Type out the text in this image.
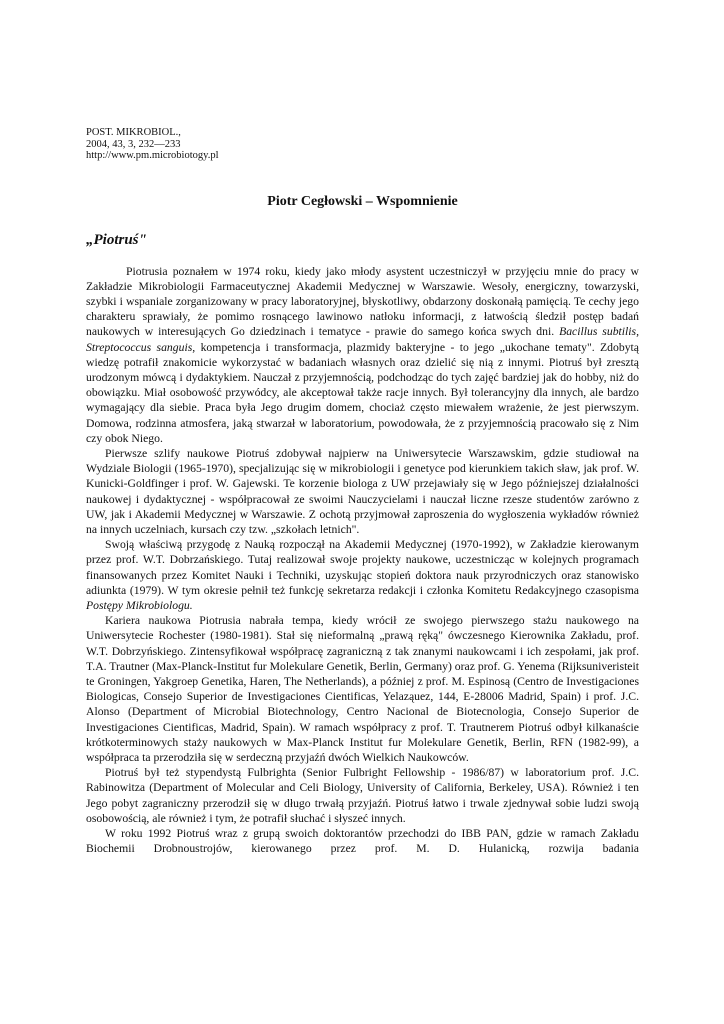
POST. MIKROBIOL.,
2004, 43, 3, 232—233
http://www.pm.microbiotogy.pl
Piotr Cegłowski – Wspomnienie
„Piotruś"

Piotrusia poznałem w 1974 roku, kiedy jako młody asystent uczestniczył w przyjęciu mnie do pracy w Zakładzie Mikrobiologii Farmaceutycznej Akademii Medycznej w Warszawie. Wesoły, energiczny, towarzyski, szybki i wspaniale zorganizowany w pracy laboratoryjnej, błyskotliwy, obdarzony doskonałą pamięcią. Te cechy jego charakteru sprawiały, że pomimo rosnącego lawinowo natłoku informacji, z łatwością śledził postęp badań naukowych w interesujących Go dziedzinach i tematyce - prawie do samego końca swych dni. Bacillus subtilis, Streptococcus sanguis, kompetencja i transformacja, plazmidy bakteryjne - to jego „ukochane tematy". Zdobytą wiedzę potrafił znakomicie wykorzystać w badaniach własnych oraz dzielić się nią z innymi. Piotruś był zresztą urodzonym mówcą i dydaktykiem. Nauczał z przyjemnością, podchodząc do tych zajęć bardziej jak do hobby, niż do obowiązku. Miał osobowość przywódcy, ale akceptował także racje innych. Był tolerancyjny dla innych, ale bardzo wymagający dla siebie. Praca była Jego drugim domem, chociaż często miewałem wrażenie, że jest pierwszym. Domowa, rodzinna atmosfera, jaką stwarzał w laboratorium, powodowała, że z przyjemnością pracowało się z Nim czy obok Niego.

Pierwsze szlify naukowe Piotruś zdobywał najpierw na Uniwersytecie Warszawskim, gdzie studiował na Wydziale Biologii (1965-1970), specjalizując się w mikrobiologii i genetyce pod kierunkiem takich sław, jak prof. W. Kunicki-Goldfinger i prof. W. Gajewski. Te korzenie biologa z UW przejawiały się w Jego późniejszej działalności naukowej i dydaktycznej - współpracował ze swoimi Nauczycielami i nauczał liczne rzesze studentów zarówno z UW, jak i Akademii Medycznej w Warszawie. Z ochotą przyjmował zaproszenia do wygłoszenia wykładów również na innych uczelniach, kursach czy tzw. „szkołach letnich".

Swoją właściwą przygodę z Nauką rozpoczął na Akademii Medycznej (1970-1992), w Zakładzie kierowanym przez prof. W.T. Dobrzańskiego. Tutaj realizował swoje projekty naukowe, uczestnicząc w kolejnych programach finansowanych przez Komitet Nauki i Techniki, uzyskując stopień doktora nauk przyrodniczych oraz stanowisko adiunkta (1979). W tym okresie pełnił też funkcję sekretarza redakcji i członka Komitetu Redakcyjnego czasopisma Postępy Mikrobiologu.

Kariera naukowa Piotrusia nabrała tempa, kiedy wrócił ze swojego pierwszego stażu naukowego na Uniwersytecie Rochester (1980-1981). Stał się nieformalną „prawą ręką" ówczesnego Kierownika Zakładu, prof. W.T. Dobrzyńskiego. Zintensyfikował współpracę zagraniczną z tak znanymi naukowcami i ich zespołami, jak prof. T.A. Trautner (Max-Planck-Institut fur Molekulare Genetik, Berlin, Germany) oraz prof. G. Yenema (Rijksuniveristeit te Groningen, Yakgroep Genetika, Haren, The Netherlands), a później z prof. M. Espinosą (Centro de Investigaciones Biologicas, Consejo Superior de Investigaciones Cientificas, Yelaząuez, 144, E-28006 Madrid, Spain) i prof. J.C. Alonso (Department of Microbial Biotechnology, Centro Nacional de Biotecnologia, Consejo Superior de Investigaciones Cientificas, Madrid, Spain). W ramach współpracy z prof. T. Trautnerem Piotruś odbył kilkanaście krótkoterminowych staży naukowych w Max-Planck Institut fur Molekulare Genetik, Berlin, RFN (1982-99), a współpraca ta przerodziła się w serdeczną przyjaźń dwóch Wielkich Naukowców.

Piotruś był też stypendystą Fulbrighta (Senior Fulbright Fellowship - 1986/87) w laboratorium prof. J.C. Rabinowitza (Department of Molecular and Celi Biology, University of California, Berkeley, USA). Również i ten Jego pobyt zagraniczny przerodził się w długo trwałą przyjaźń. Piotruś łatwo i trwale zjednywał sobie ludzi swoją osobowością, ale również i tym, że potrafił słuchać i słyszeć innych.

W roku 1992 Piotruś wraz z grupą swoich doktorantów przechodzi do IBB PAN, gdzie w ramach Zakładu Biochemii Drobnoustrojów, kierowanego przez prof. M. D. Hulanicką, rozwija badania
